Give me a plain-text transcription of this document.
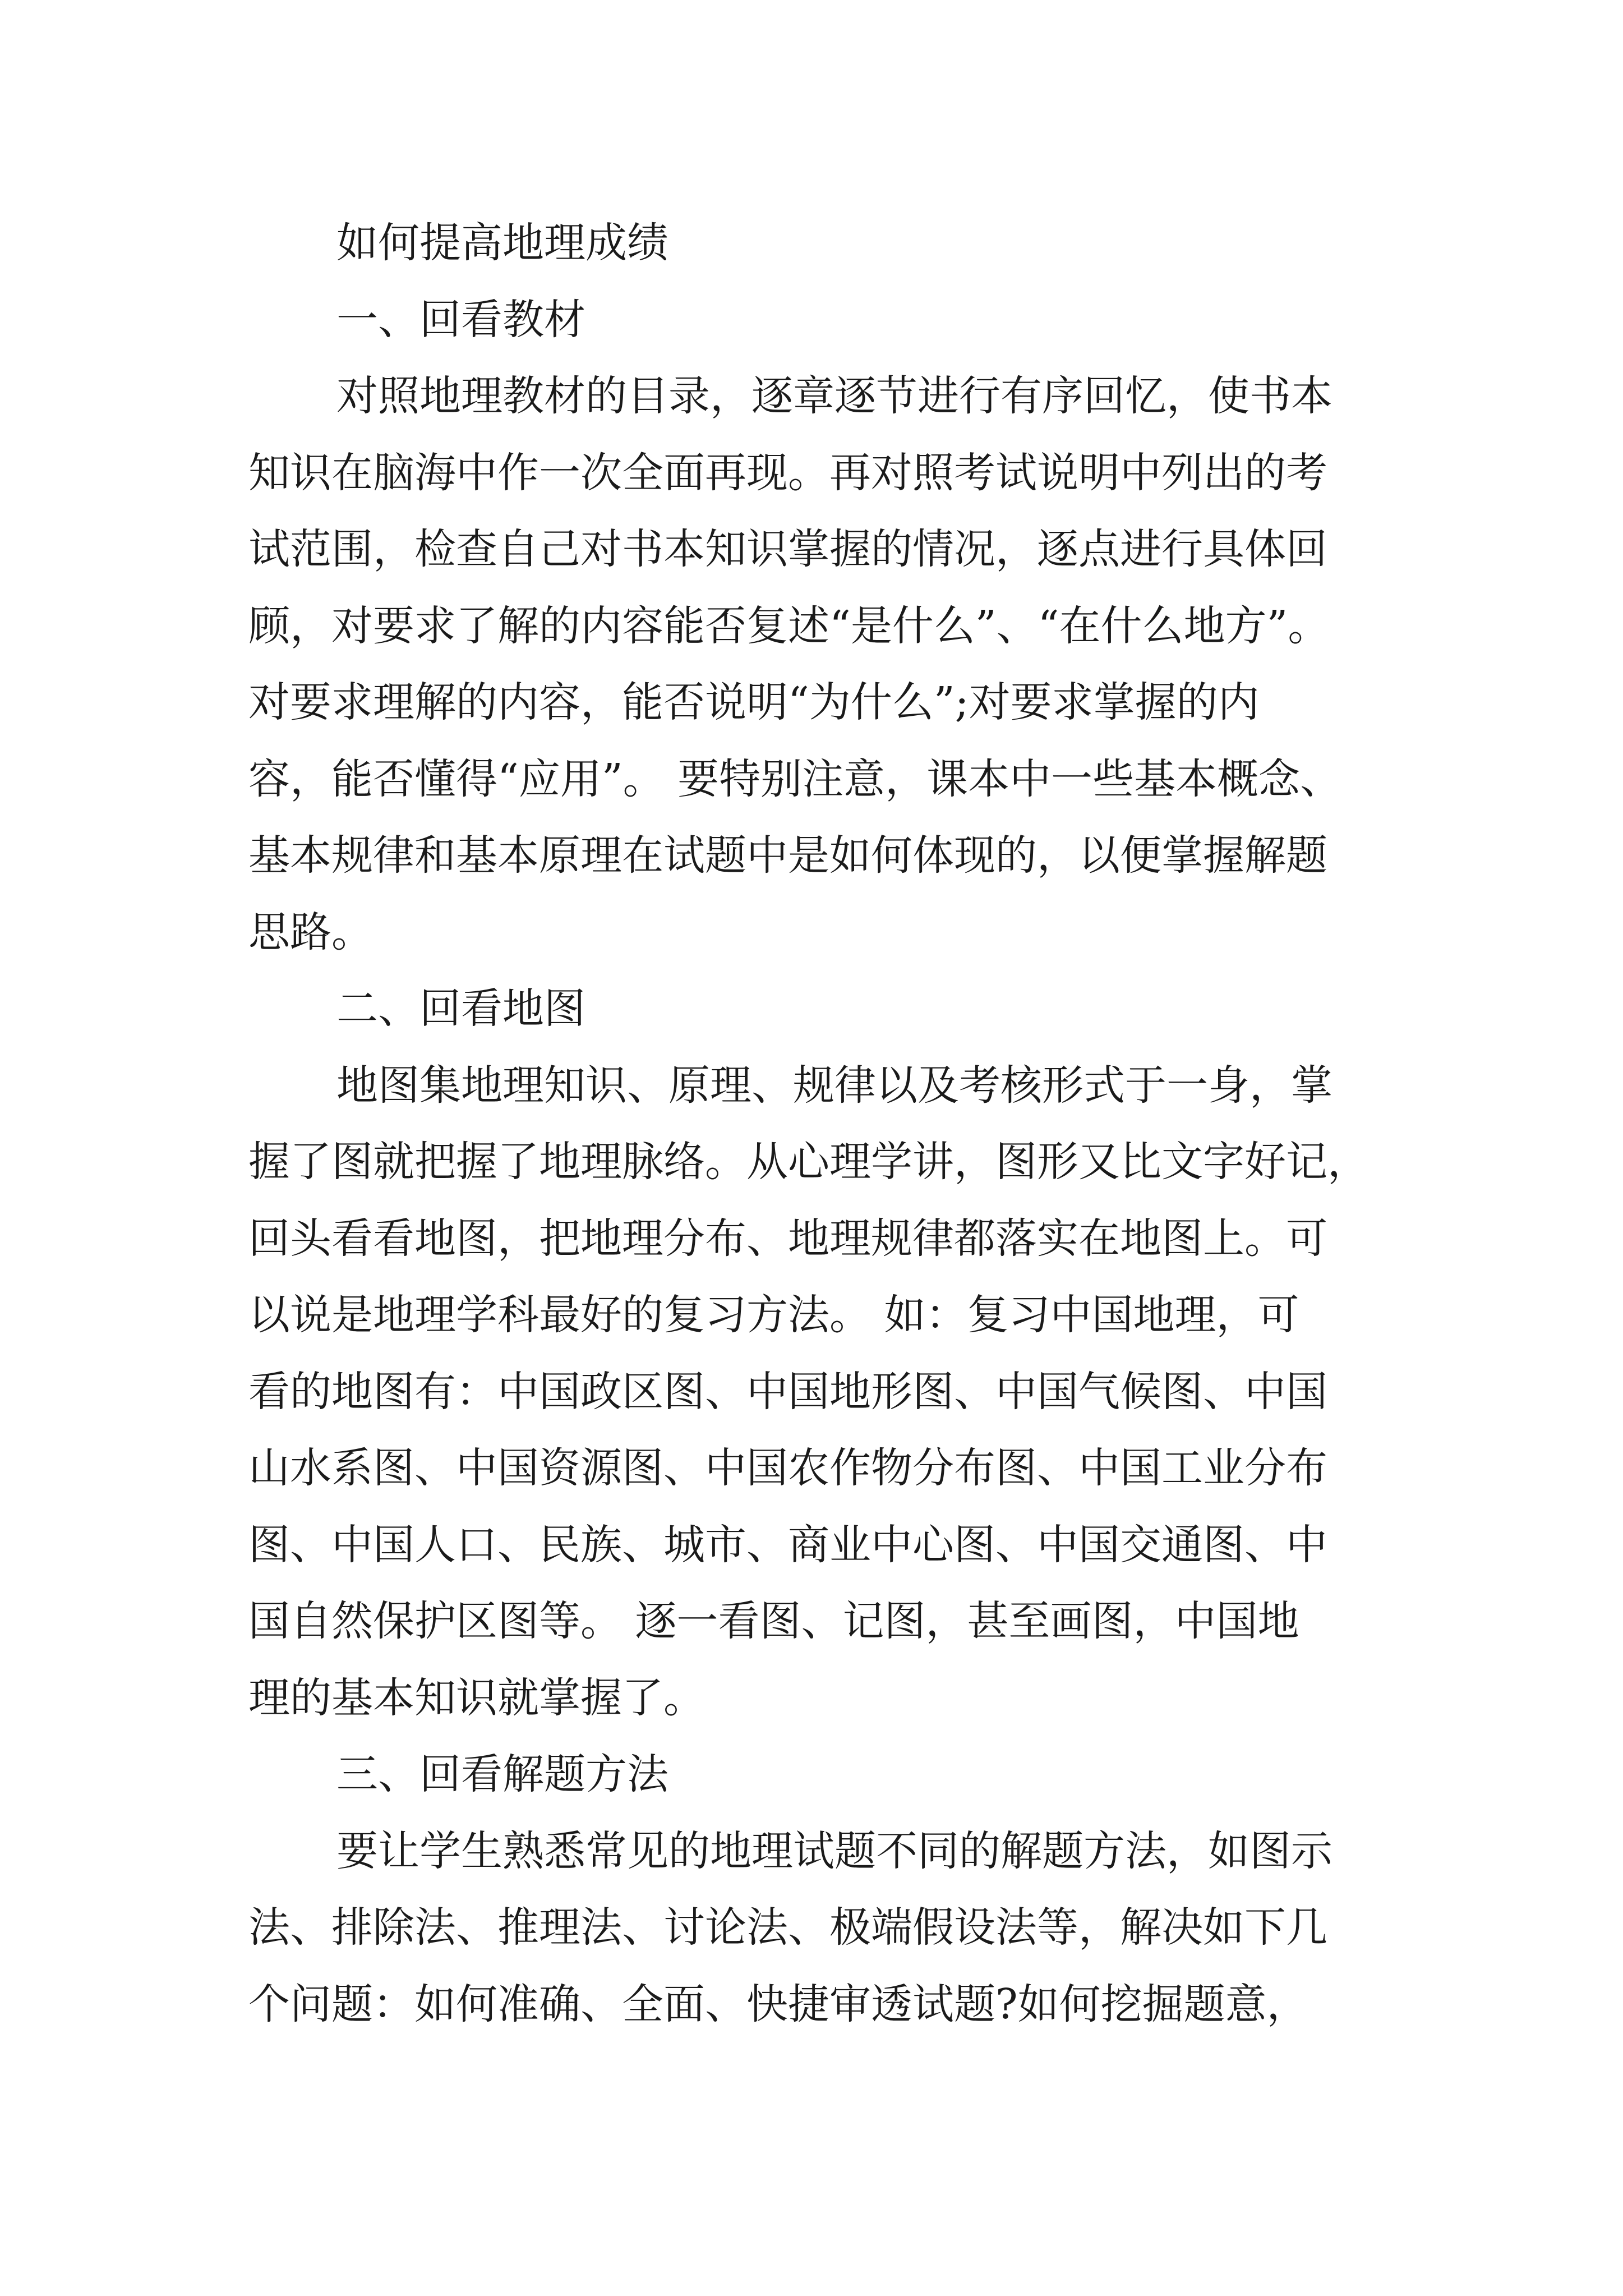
如何提高地理成绩

一、回看教材

对照地理教材的目录，逐章逐节进行有序回忆，使书本

知识在脑海中作一次全面再现。再对照考试说明中列出的考

试范围，检查自己对书本知识掌握的情况，逐点进行具体回

顾，对要求了解的内容能否复述“是什么”、“在什么地方”。

对要求理解的内容，能否说明“为什么”;对要求掌握的内

容，能否懂得“应用”。 要特别注意，课本中一些基本概念、

基本规律和基本原理在试题中是如何体现的，以便掌握解题

思路。

二、回看地图

地图集地理知识、原理、规律以及考核形式于一身，掌

握了图就把握了地理脉络。从心理学讲，图形又比文字好记，

回头看看地图，把地理分布、地理规律都落实在地图上。可

以说是地理学科最好的复习方法。 如：复习中国地理，可

看的地图有：中国政区图、中国地形图、中国气候图、中国

山水系图、中国资源图、中国农作物分布图、中国工业分布

图、中国人口、民族、城市、商业中心图、中国交通图、中

国自然保护区图等。 逐一看图、记图，甚至画图，中国地

理的基本知识就掌握了。

三、回看解题方法

要让学生熟悉常见的地理试题不同的解题方法，如图示

法、排除法、推理法、讨论法、极端假设法等，解决如下几

个问题：如何准确、全面、快捷审透试题?如何挖掘题意，
